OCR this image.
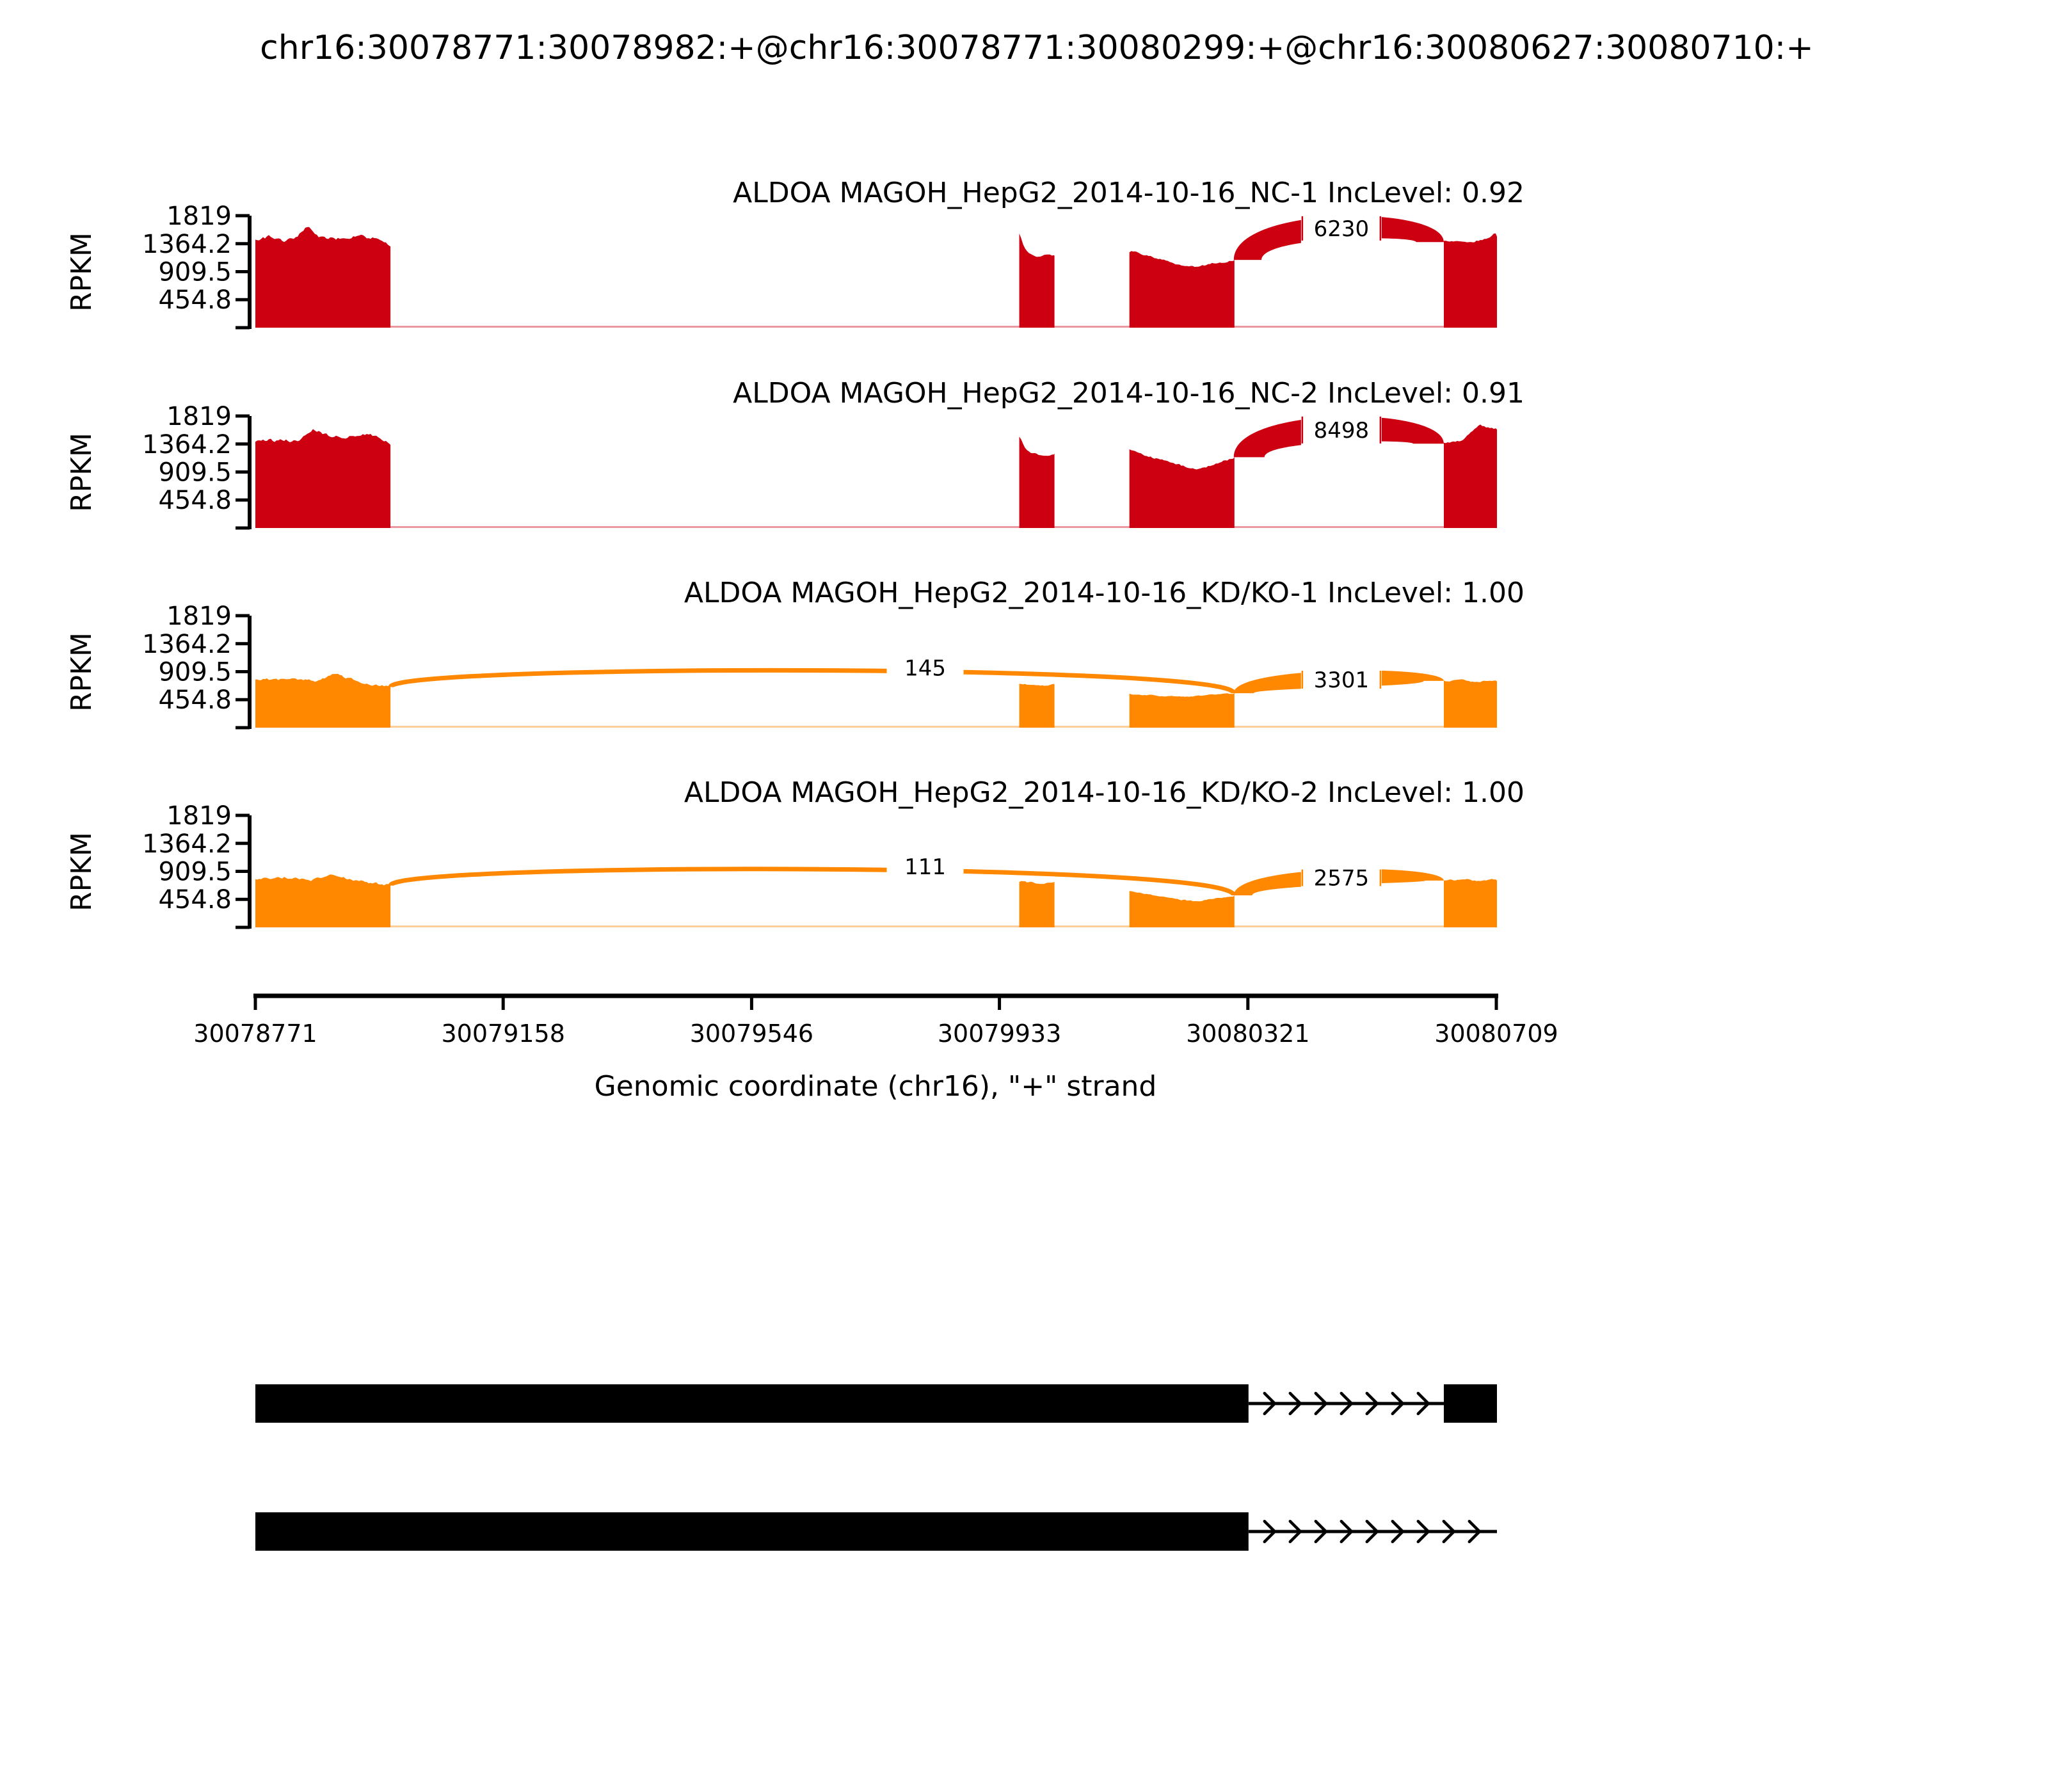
chr16:30078771:30078982:+@chr16:30078771:30080299:+@chr16:30080627:30080710:+
6230
1819
1364.2
909.5
454.8
RPKM
ALDOA MAGOH_HepG2_2014-10-16_NC-1 IncLevel: 0.92
8498
1819
1364.2
909.5
454.8
RPKM
ALDOA MAGOH_HepG2_2014-10-16_NC-2 IncLevel: 0.91
145	3301
1819
1364.2
909.5
454.8
RPKM
ALDOA MAGOH_HepG2_2014-10-16_KD/KO-1 IncLevel: 1.00
111	2575
1819
1364.2
909.5
454.8
RPKM
ALDOA MAGOH_HepG2_2014-10-16_KD/KO-2 IncLevel: 1.00
Genomic coordinate (chr16), "+" strand
30078771	30079158	30079546	30079933	30080321	30080709
